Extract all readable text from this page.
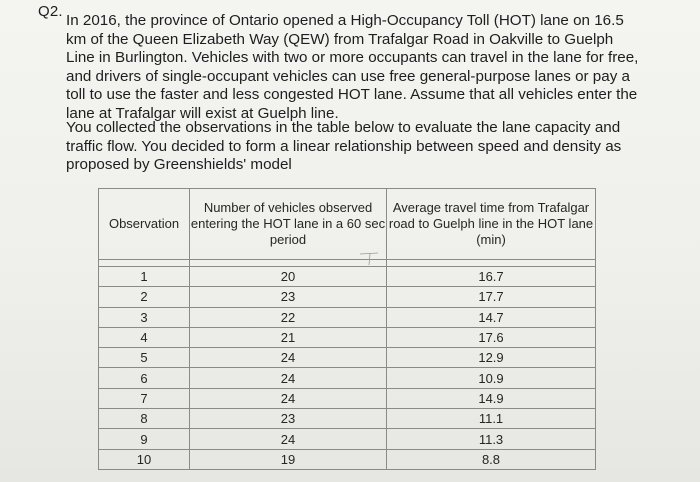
Q2.

In 2016, the province of Ontario opened a High-Occupancy Toll (HOT) lane on 16.5 km of the Queen Elizabeth Way (QEW) from Trafalgar Road in Oakville to Guelph Line in Burlington. Vehicles with two or more occupants can travel in the lane for free, and drivers of single-occupant vehicles can use free general-purpose lanes or pay a toll to use the faster and less congested HOT lane. Assume that all vehicles enter the lane at Trafalgar will exist at Guelph line.

You collected the observations in the table below to evaluate the lane capacity and traffic flow. You decided to form a linear relationship between speed and density as proposed by Greenshields' model

Observation	Number of vehicles observed entering the HOT lane in a 60 sec period	Average travel time from Trafalgar road to Guelph line in the HOT lane (min)

1	20	16.7
2	23	17.7
3	22	14.7
4	21	17.6
5	24	12.9
6	24	10.9
7	24	14.9
8	23	11.1
9	24	11.3
10	19	8.8
